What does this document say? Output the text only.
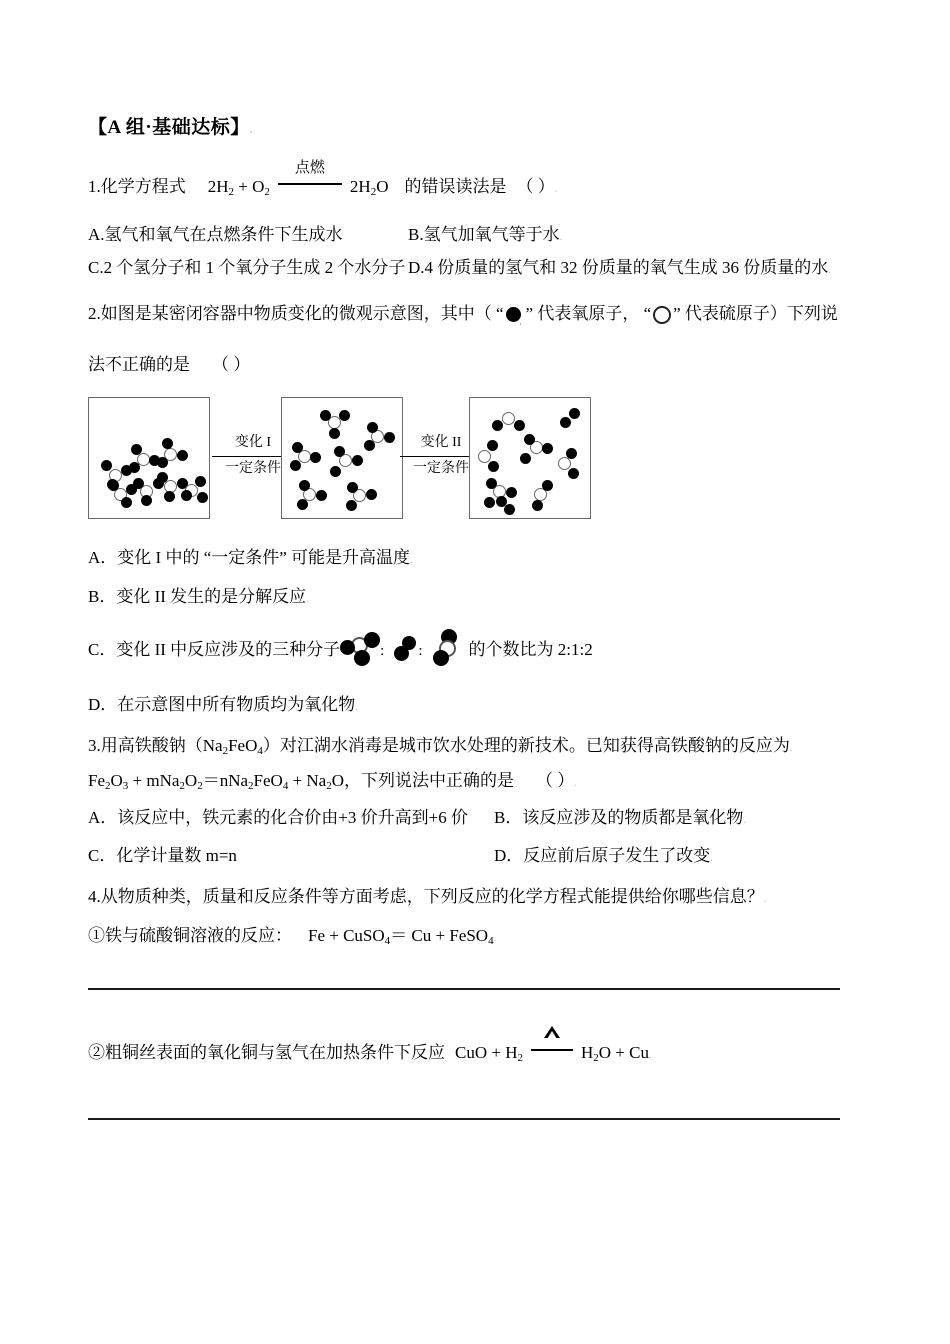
【A 组·基础达标】.
1.化学方程式 $2H_2 + O_2$
点燃
$2H_2O$ 的错误读法是 （ ）.
A.氢气和氧气在点燃条件下生成水	B.氢气加氧气等于水.
C.2 个氢分子和 1 个氧分子生成 2 个水分子 D.4 份质量的氢气和 32 份质量的氧气生成 36 份质量的水.
2.如图是某密闭容器中物质变化的微观示意图，其中（ “ , ” 代表氧原子， “ ” 代表硫原子）下列说
法不正确的是 （ ）
变化 I
一定条件
变化 II
一定条件
A．变化 I 中的 “一定条件” 可能是升高温度.
B．变化 II 发生的是分解反应.
C．变化 II 中反应涉及的三种分子	: :	的个数比为 2:1:2
D．在示意图中所有物质均为氧化物.
3.用高铁酸钠$(Na_2FeO_4)$对江湖水消毒是城市饮水处理的新技术。已知获得高铁酸钠的反应为.
$Fe_2O_3 + mNa_2O_2=nNa_2FeO_4 + Na_2O$，下列说法中正确的是 （ ）.
A．该反应中，铁元素的化合价由+3 价升高到+6 价	B．该反应涉及的物质都是氧化物.
C．化学计量数 m=n	D．反应前后原子发生了改变.
4.从物质种类，质量和反应条件等方面考虑，下列反应的化学方程式能提供给你哪些信息？.
①铁与硫酸铜溶液的反应： Fe + CuSO$_4$＝ Cu + FeSO$_4$.
②粗铜丝表面的氧化铜与氢气在加热条件下反应 CuO + $H_2$	$H_2O + Cu$.
